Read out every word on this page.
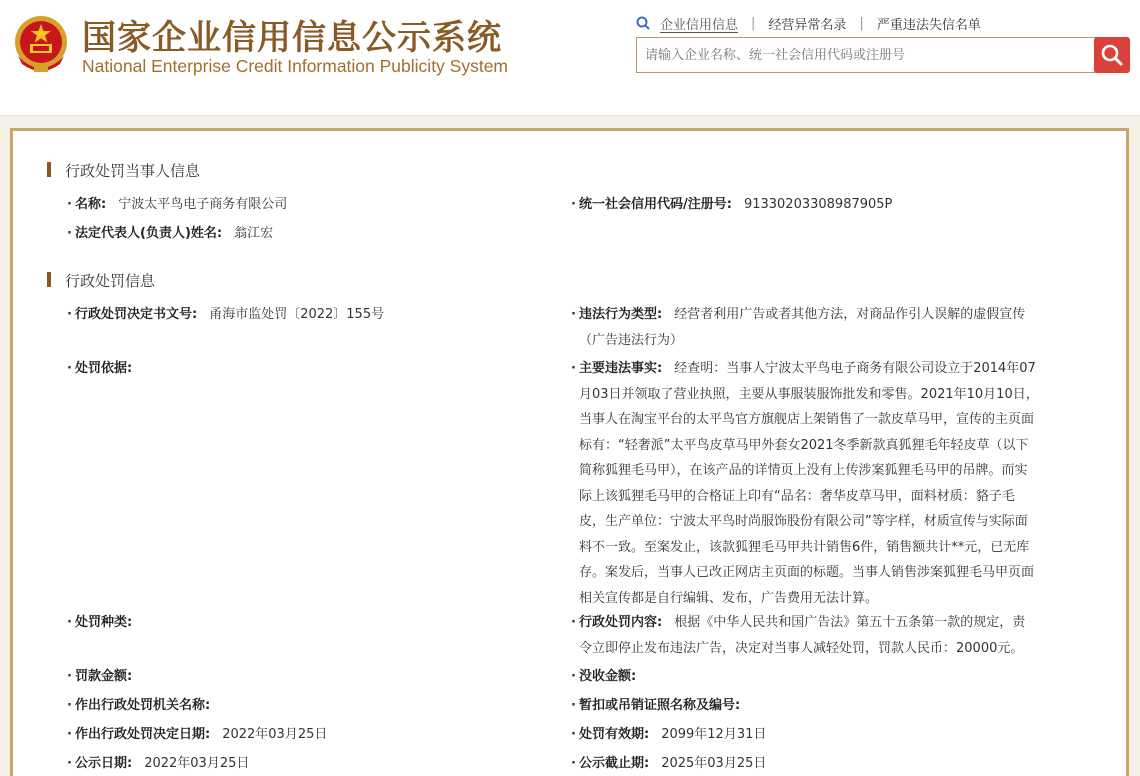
国家企业信用信息公示系统
National Enterprise Credit Information Publicity System
企业信用信息 | 经营异常名录 | 严重违法失信名单
请输入企业名称、统一社会信用代码或注册号
行政处罚当事人信息
· 名称: 宁波太平鸟电子商务有限公司	· 统一社会信用代码/注册号: 91330203308987905P
· 法定代表人(负责人)姓名: 翁江宏
行政处罚信息
· 行政处罚决定书文号: 甬海市监处罚〔2022〕155号	· 违法行为类型: 经营者利用广告或者其他方法，对商品作引人误解的虚假宣传
（广告违法行为）
· 处罚依据:	· 主要违法事实: 经查明：当事人宁波太平鸟电子商务有限公司设立于2014年07
月03日并领取了营业执照，主要从事服装服饰批发和零售。2021年10月10日，
当事人在淘宝平台的太平鸟官方旗舰店上架销售了一款皮草马甲，宣传的主页面
标有：“轻奢派”太平鸟皮草马甲外套女2021冬季新款真狐狸毛年轻皮草（以下
简称狐狸毛马甲），在该产品的详情页上没有上传涉案狐狸毛马甲的吊牌。而实
际上该狐狸毛马甲的合格证上印有“品名：奢华皮草马甲，面料材质：貉子毛
皮，生产单位：宁波太平鸟时尚服饰股份有限公司”等字样，材质宣传与实际面
料不一致。至案发止，该款狐狸毛马甲共计销售6件，销售额共计**元，已无库
存。案发后，当事人已改正网店主页面的标题。当事人销售涉案狐狸毛马甲页面
相关宣传都是自行编辑、发布，广告费用无法计算。
· 处罚种类:	· 行政处罚内容: 根据《中华人民共和国广告法》第五十五条第一款的规定，责
令立即停止发布违法广告，决定对当事人减轻处罚，罚款人民币：20000元。
· 罚款金额:	· 没收金额:
· 作出行政处罚机关名称:	· 暂扣或吊销证照名称及编号:
· 作出行政处罚决定日期: 2022年03月25日	· 处罚有效期: 2099年12月31日
· 公示日期: 2022年03月25日	· 公示截止期: 2025年03月25日
